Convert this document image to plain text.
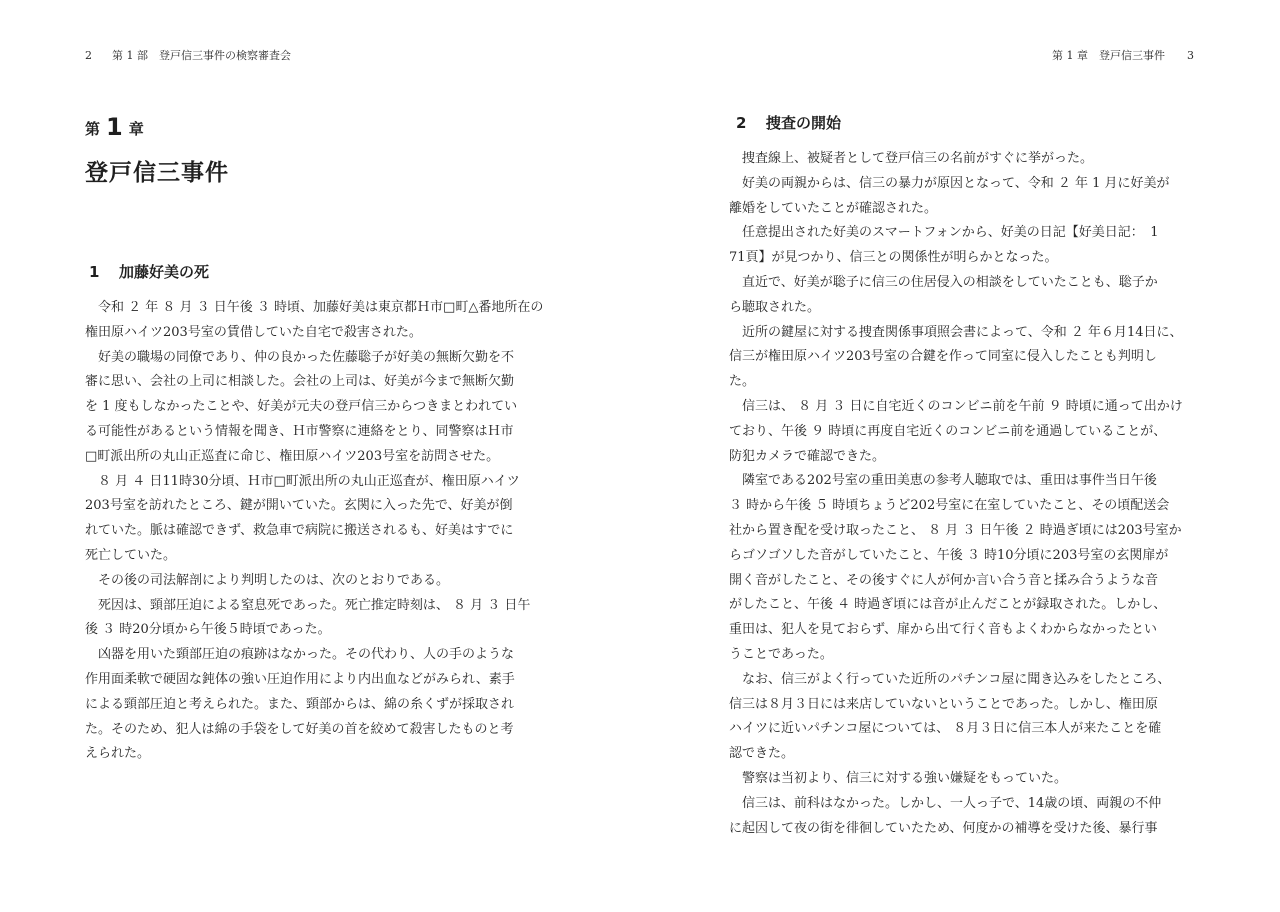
2 第 1 部　登戸信三事件の検察審査会
第 1 章
登戸信三事件
1 加藤好美の死
　令和 ２ 年 ８ 月 ３ 日午後 ３ 時頃、加藤好美は東京都Ｈ市□町△番地所在の
権田原ハイツ203号室の賃借していた自宅で殺害された。
　好美の職場の同僚であり、仲の良かった佐藤聡子が好美の無断欠勤を不
審に思い、会社の上司に相談した。会社の上司は、好美が今まで無断欠勤
を 1 度もしなかったことや、好美が元夫の登戸信三からつきまとわれてい
る可能性があるという情報を聞き、Ｈ市警察に連絡をとり、同警察はＨ市
□町派出所の丸山正巡査に命じ、権田原ハイツ203号室を訪問させた。
　８ 月 ４ 日11時30分頃、Ｈ市□町派出所の丸山正巡査が、権田原ハイツ
203号室を訪れたところ、鍵が開いていた。玄関に入った先で、好美が倒
れていた。脈は確認できず、救急車で病院に搬送されるも、好美はすでに
死亡していた。
　その後の司法解剖により判明したのは、次のとおりである。
　死因は、頸部圧迫による窒息死であった。死亡推定時刻は、 ８ 月 ３ 日午
後 ３ 時20分頃から午後５時頃であった。
　凶器を用いた頸部圧迫の痕跡はなかった。その代わり、人の手のような
作用面柔軟で硬固な鈍体の強い圧迫作用により内出血などがみられ、素手
による頸部圧迫と考えられた。また、頸部からは、綿の糸くずが採取され
た。そのため、犯人は綿の手袋をして好美の首を絞めて殺害したものと考
えられた。
第 1 章　登戸信三事件 3
2 捜査の開始
　捜査線上、被疑者として登戸信三の名前がすぐに挙がった。
　好美の両親からは、信三の暴力が原因となって、令和 ２ 年 1 月に好美が
離婚をしていたことが確認された。
　任意提出された好美のスマートフォンから、好美の日記【好美日記：　1
71頁】が見つかり、信三との関係性が明らかとなった。
　直近で、好美が聡子に信三の住居侵入の相談をしていたことも、聡子か
ら聴取された。
　近所の鍵屋に対する捜査関係事項照会書によって、令和 ２ 年６月14日に、
信三が権田原ハイツ203号室の合鍵を作って同室に侵入したことも判明し
た。
　信三は、 ８ 月 ３ 日に自宅近くのコンビニ前を午前 ９ 時頃に通って出かけ
ており、午後 ９ 時頃に再度自宅近くのコンビニ前を通過していることが、
防犯カメラで確認できた。
　隣室である202号室の重田美恵の参考人聴取では、重田は事件当日午後
３ 時から午後 ５ 時頃ちょうど202号室に在室していたこと、その頃配送会
社から置き配を受け取ったこと、 ８ 月 ３ 日午後 ２ 時過ぎ頃には203号室か
らゴソゴソした音がしていたこと、午後 ３ 時10分頃に203号室の玄関扉が
開く音がしたこと、その後すぐに人が何か言い合う音と揉み合うような音
がしたこと、午後 ４ 時過ぎ頃には音が止んだことが録取された。しかし、
重田は、犯人を見ておらず、扉から出て行く音もよくわからなかったとい
うことであった。
　なお、信三がよく行っていた近所のパチンコ屋に聞き込みをしたところ、
信三は８月３日には来店していないということであった。しかし、権田原
ハイツに近いパチンコ屋については、 ８月３日に信三本人が来たことを確
認できた。
　警察は当初より、信三に対する強い嫌疑をもっていた。
　信三は、前科はなかった。しかし、一人っ子で、14歳の頃、両親の不仲
に起因して夜の街を徘徊していたため、何度かの補導を受けた後、暴行事
